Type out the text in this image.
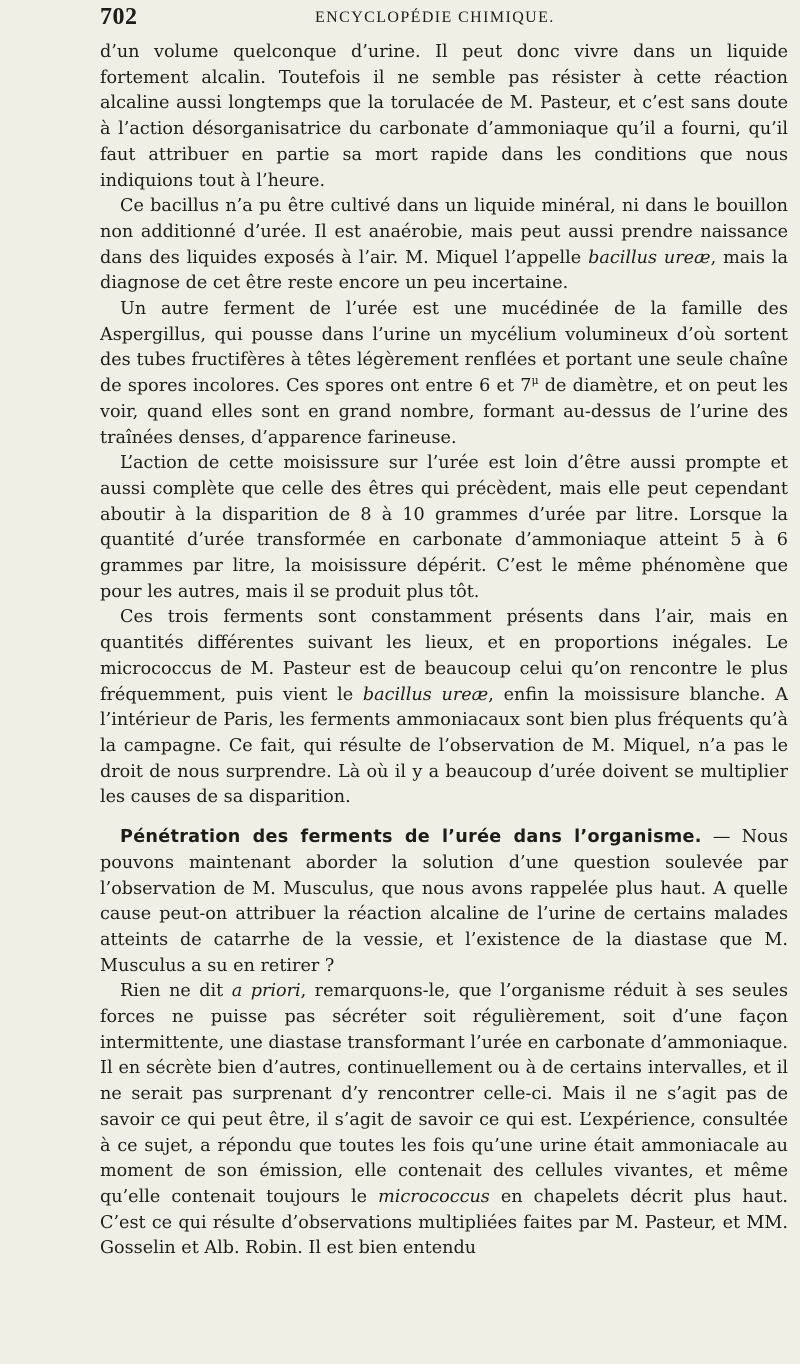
702	ENCYCLOPÉDIE CHIMIQUE.

d’un volume quelconque d’urine. Il peut donc vivre dans un liquide fortement alcalin. Toutefois il ne semble pas résister à cette réaction alcaline aussi longtemps que la torulacée de M. Pasteur, et c’est sans doute à l’action désorganisatrice du carbonate d’ammoniaque qu’il a fourni, qu’il faut attribuer en partie sa mort rapide dans les conditions que nous indiquions tout à l’heure.

Ce bacillus n’a pu être cultivé dans un liquide minéral, ni dans le bouillon non additionné d’urée. Il est anaérobie, mais peut aussi prendre naissance dans des liquides exposés à l’air. M. Miquel l’appelle bacillus ureæ, mais la diagnose de cet être reste encore un peu incertaine.

Un autre ferment de l’urée est une mucédinée de la famille des Aspergillus, qui pousse dans l’urine un mycélium volumineux d’où sortent des tubes fructifères à têtes légèrement renflées et portant une seule chaîne de spores incolores. Ces spores ont entre 6 et $7^\mu$ de diamètre, et on peut les voir, quand elles sont en grand nombre, formant au-dessus de l’urine des traînées denses, d’apparence farineuse.

L’action de cette moisissure sur l’urée est loin d’être aussi prompte et aussi complète que celle des êtres qui précèdent, mais elle peut cependant aboutir à la disparition de 8 à 10 grammes d’urée par litre. Lorsque la quantité d’urée transformée en carbonate d’ammoniaque atteint 5 à 6 grammes par litre, la moisissure dépérit. C’est le même phénomène que pour les autres, mais il se produit plus tôt.

Ces trois ferments sont constamment présents dans l’air, mais en quantités différentes suivant les lieux, et en proportions inégales. Le micrococcus de M. Pasteur est de beaucoup celui qu’on rencontre le plus fréquemment, puis vient le bacillus ureæ, enfin la moissisure blanche. A l’intérieur de Paris, les ferments ammoniacaux sont bien plus fréquents qu’à la campagne. Ce fait, qui résulte de l’observation de M. Miquel, n’a pas le droit de nous surprendre. Là où il y a beaucoup d’urée doivent se multiplier les causes de sa disparition.

Pénétration des ferments de l’urée dans l’organisme. — Nous pouvons maintenant aborder la solution d’une question soulevée par l’observation de M. Musculus, que nous avons rappelée plus haut. A quelle cause peut-on attribuer la réaction alcaline de l’urine de certains malades atteints de catarrhe de la vessie, et l’existence de la diastase que M. Musculus a su en retirer ?

Rien ne dit a priori, remarquons-le, que l’organisme réduit à ses seules forces ne puisse pas sécréter soit régulièrement, soit d’une façon intermittente, une diastase transformant l’urée en carbonate d’ammoniaque. Il en sécrète bien d’autres, continuellement ou à de certains intervalles, et il ne serait pas surprenant d’y rencontrer celle-ci. Mais il ne s’agit pas de savoir ce qui peut être, il s’agit de savoir ce qui est. L’expérience, consultée à ce sujet, a répondu que toutes les fois qu’une urine était ammoniacale au moment de son émission, elle contenait des cellules vivantes, et même qu’elle contenait toujours le micrococcus en chapelets décrit plus haut. C’est ce qui résulte d’observations multipliées faites par M. Pasteur, et MM. Gosselin et Alb. Robin. Il est bien entendu
